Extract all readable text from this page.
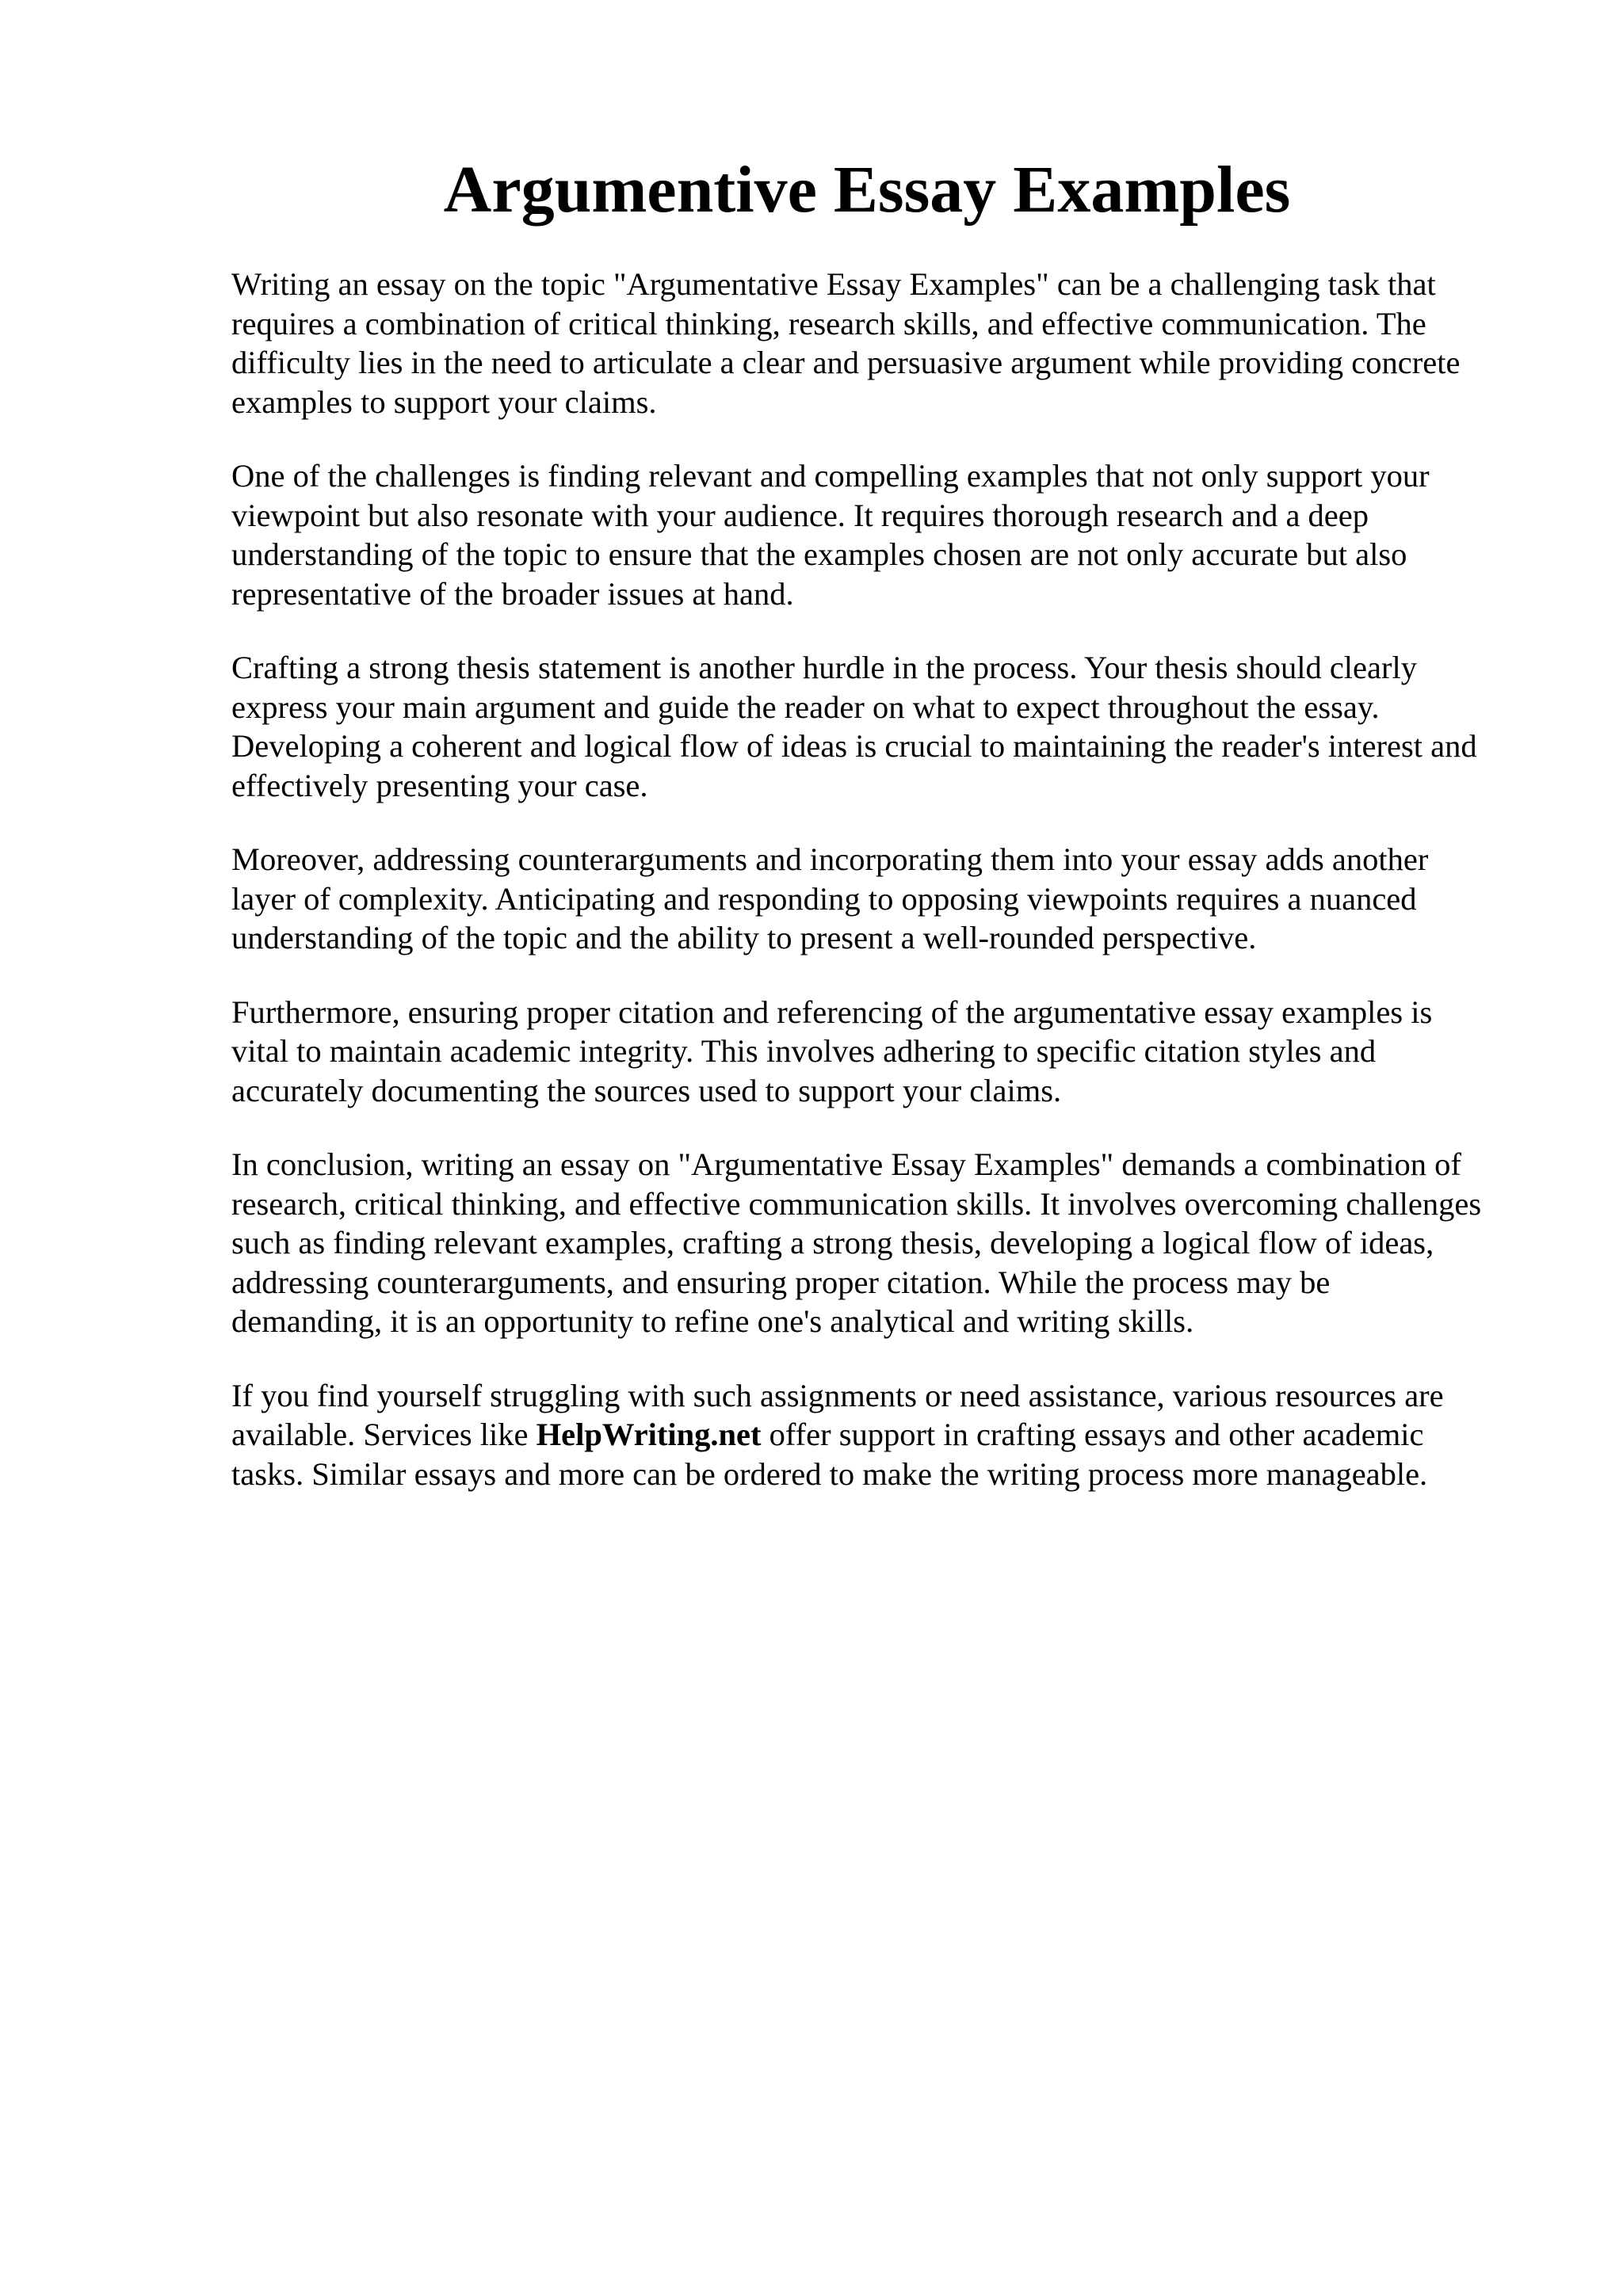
Argumentive Essay Examples

Writing an essay on the topic "Argumentative Essay Examples" can be a challenging task that
requires a combination of critical thinking, research skills, and effective communication. The
difficulty lies in the need to articulate a clear and persuasive argument while providing concrete
examples to support your claims.

One of the challenges is finding relevant and compelling examples that not only support your
viewpoint but also resonate with your audience. It requires thorough research and a deep
understanding of the topic to ensure that the examples chosen are not only accurate but also
representative of the broader issues at hand.

Crafting a strong thesis statement is another hurdle in the process. Your thesis should clearly
express your main argument and guide the reader on what to expect throughout the essay.
Developing a coherent and logical flow of ideas is crucial to maintaining the reader's interest and
effectively presenting your case.

Moreover, addressing counterarguments and incorporating them into your essay adds another
layer of complexity. Anticipating and responding to opposing viewpoints requires a nuanced
understanding of the topic and the ability to present a well-rounded perspective.

Furthermore, ensuring proper citation and referencing of the argumentative essay examples is
vital to maintain academic integrity. This involves adhering to specific citation styles and
accurately documenting the sources used to support your claims.

In conclusion, writing an essay on "Argumentative Essay Examples" demands a combination of
research, critical thinking, and effective communication skills. It involves overcoming challenges
such as finding relevant examples, crafting a strong thesis, developing a logical flow of ideas,
addressing counterarguments, and ensuring proper citation. While the process may be
demanding, it is an opportunity to refine one's analytical and writing skills.

If you find yourself struggling with such assignments or need assistance, various resources are
available. Services like HelpWriting.net offer support in crafting essays and other academic
tasks. Similar essays and more can be ordered to make the writing process more manageable.
